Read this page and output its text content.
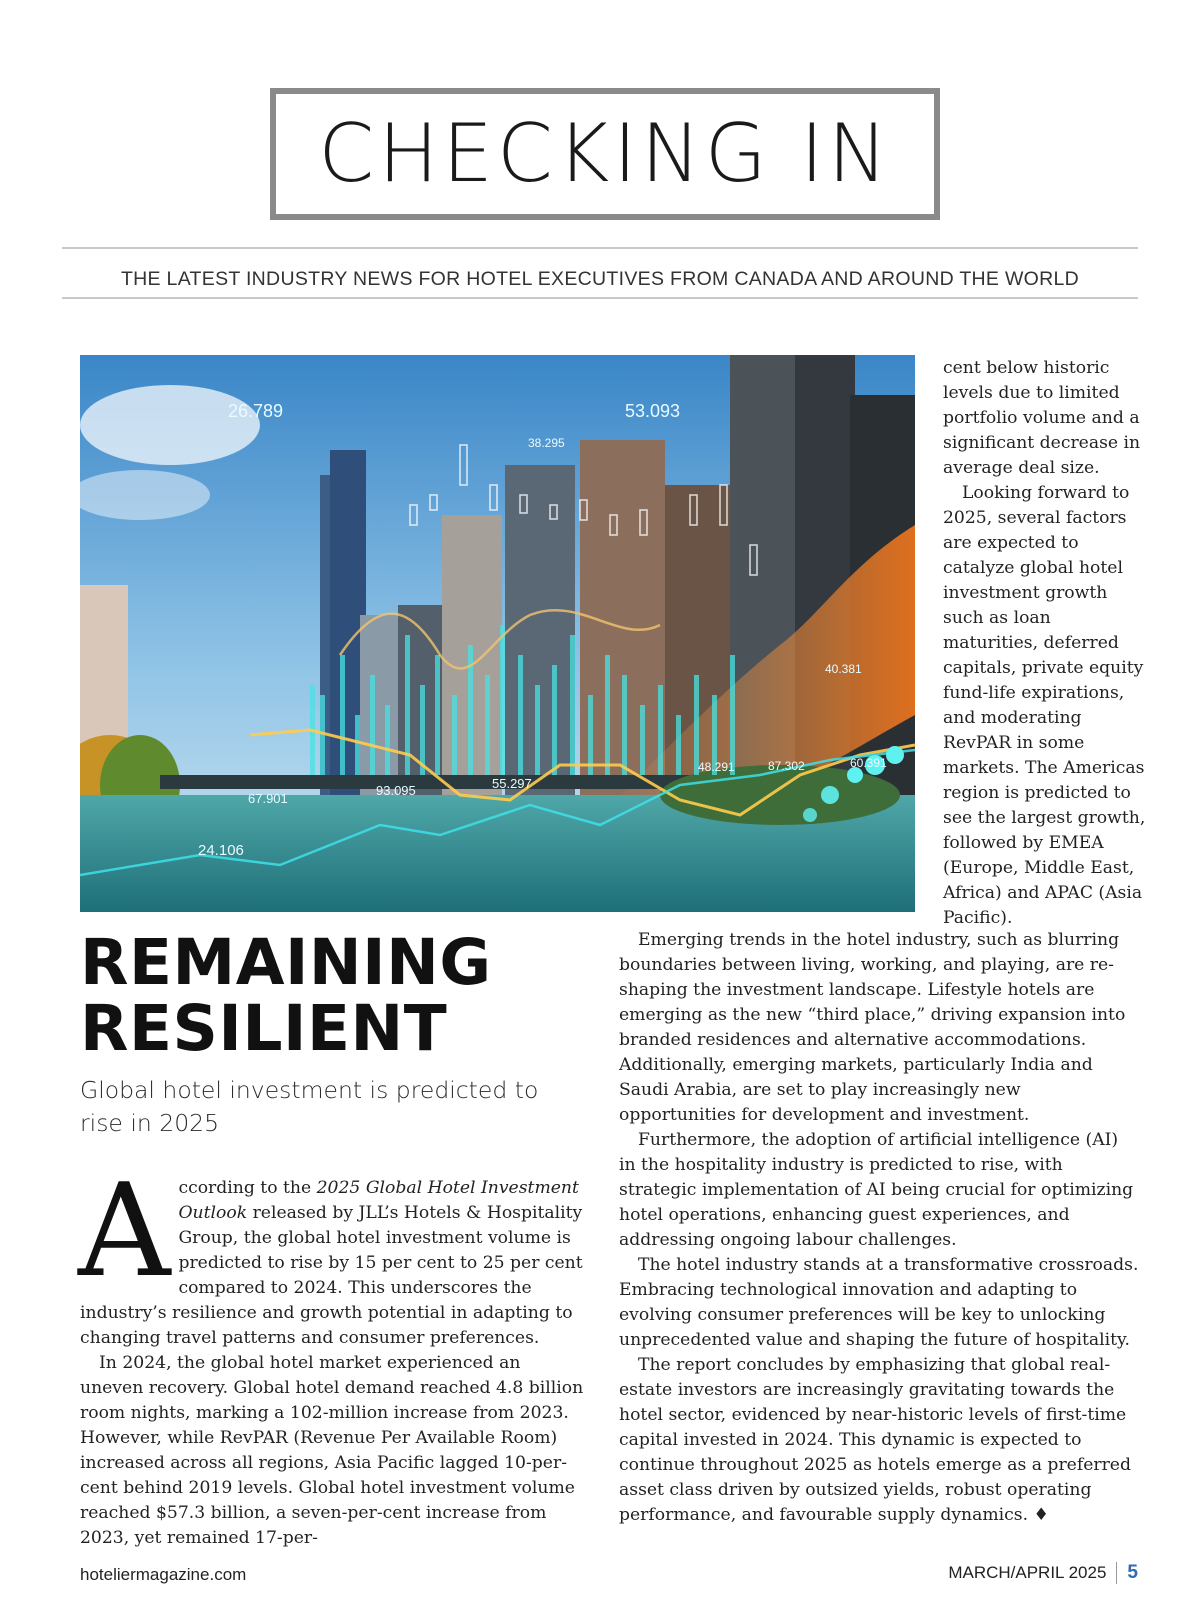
CHECKING IN
THE LATEST INDUSTRY NEWS FOR HOTEL EXECUTIVES FROM CANADA AND AROUND THE WORLD
26.789	53.093
38.295
40.381
87.302	60.391
67.901
93.095	55.297
24.106
48.291

cent below historic levels due to limited portfolio volume and a significant decrease in average deal size.

Looking forward to 2025, several factors are expected to catalyze global hotel investment growth such as loan maturities, deferred capitals, private equity fund-life expirations, and moderating RevPAR in some markets. The Americas region is predicted to see the largest growth, followed by EMEA (Europe, Middle East, Africa) and APAC (Asia Pacific).

REMAINING
RESILIENT
Global hotel investment is predicted to rise in 2025

According to the 2025 Global Hotel Investment Outlook released by JLL’s Hotels & Hospitality Group, the global hotel investment volume is predicted to rise by 15 per cent to 25 per cent compared to 2024. This underscores the industry’s resilience and growth potential in adapting to changing travel patterns and consumer preferences.

In 2024, the global hotel market experienced an uneven recovery. Global hotel demand reached 4.8 billion room nights, marking a 102-million increase from 2023. However, while RevPAR (Revenue Per Available Room) increased across all regions, Asia Pacific lagged 10-per-cent behind 2019 levels. Global hotel investment volume reached $57.3 billion, a seven-per-cent increase from 2023, yet remained 17-per-

Emerging trends in the hotel industry, such as blurring boundaries between living, working, and playing, are re-shaping the investment landscape. Lifestyle hotels are emerging as the new “third place,” driving expansion into branded residences and alternative accommodations. Additionally, emerging markets, particularly India and Saudi Arabia, are set to play increasingly new opportunities for development and investment.

Furthermore, the adoption of artificial intelligence (AI) in the hospitality industry is predicted to rise, with strategic implementation of AI being crucial for optimizing hotel operations, enhancing guest experiences, and addressing ongoing labour challenges.

The hotel industry stands at a transformative crossroads. Embracing technological innovation and adapting to evolving consumer preferences will be key to unlocking unprecedented value and shaping the future of hospitality.

The report concludes by emphasizing that global real-estate investors are increasingly gravitating towards the hotel sector, evidenced by near-historic levels of first-time capital invested in 2024. This dynamic is expected to continue throughout 2025 as hotels emerge as a preferred asset class driven by outsized yields, robust operating performance, and favourable supply dynamics. ♦

hoteliermagazine.com	MARCH/APRIL 2025 5
